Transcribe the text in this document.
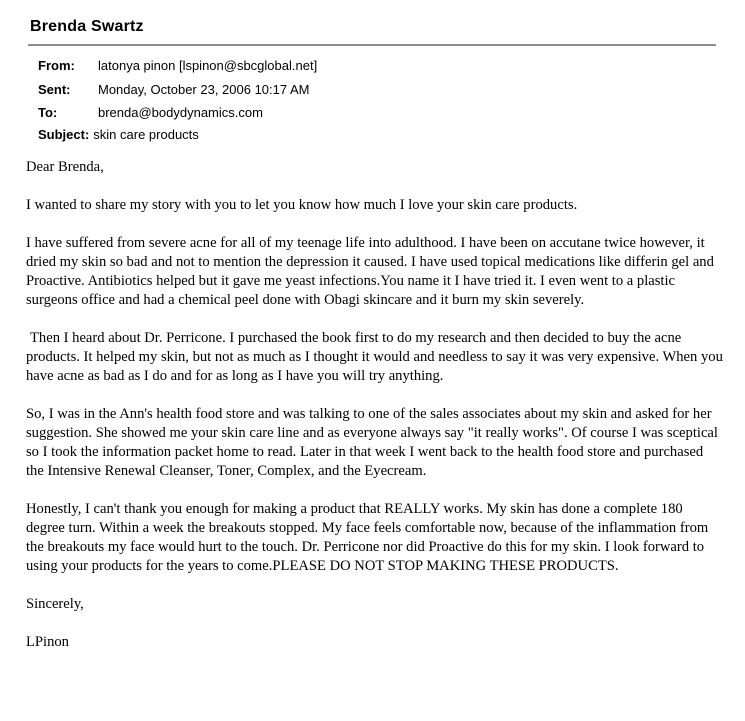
Brenda Swartz
From: latonya pinon [lspinon@sbcglobal.net]
Sent: Monday, October 23, 2006 10:17 AM
To:	brenda@bodydynamics.com
Subject: skin care products

Dear Brenda,

I wanted to share my story with you to let you know how much I love your skin care products.

I have suffered from severe acne for all of my teenage life into adulthood. I have been on accutane twice however, it dried my skin so bad and not to mention the depression it caused. I have used topical medications like differin gel and Proactive. Antibiotics helped but it gave me yeast infections.You name it I have tried it. I even went to a plastic surgeons office and had a chemical peel done with Obagi skincare and it burn my skin severely.

Then I heard about Dr. Perricone. I purchased the book first to do my research and then decided to buy the acne products. It helped my skin, but not as much as I thought it would and needless to say it was very expensive. When you have acne as bad as I do and for as long as I have you will try anything.

So, I was in the Ann's health food store and was talking to one of the sales associates about my skin and asked for her suggestion. She showed me your skin care line and as everyone always say "it really works". Of course I was sceptical so I took the information packet home to read. Later in that week I went back to the health food store and purchased the Intensive Renewal Cleanser, Toner, Complex, and the Eyecream.

Honestly, I can't thank you enough for making a product that REALLY works. My skin has done a complete 180 degree turn. Within a week the breakouts stopped. My face feels comfortable now, because of the inflammation from the breakouts my face would hurt to the touch. Dr. Perricone nor did Proactive do this for my skin. I look forward to using your products for the years to come.PLEASE DO NOT STOP MAKING THESE PRODUCTS.

Sincerely,

LPinon
